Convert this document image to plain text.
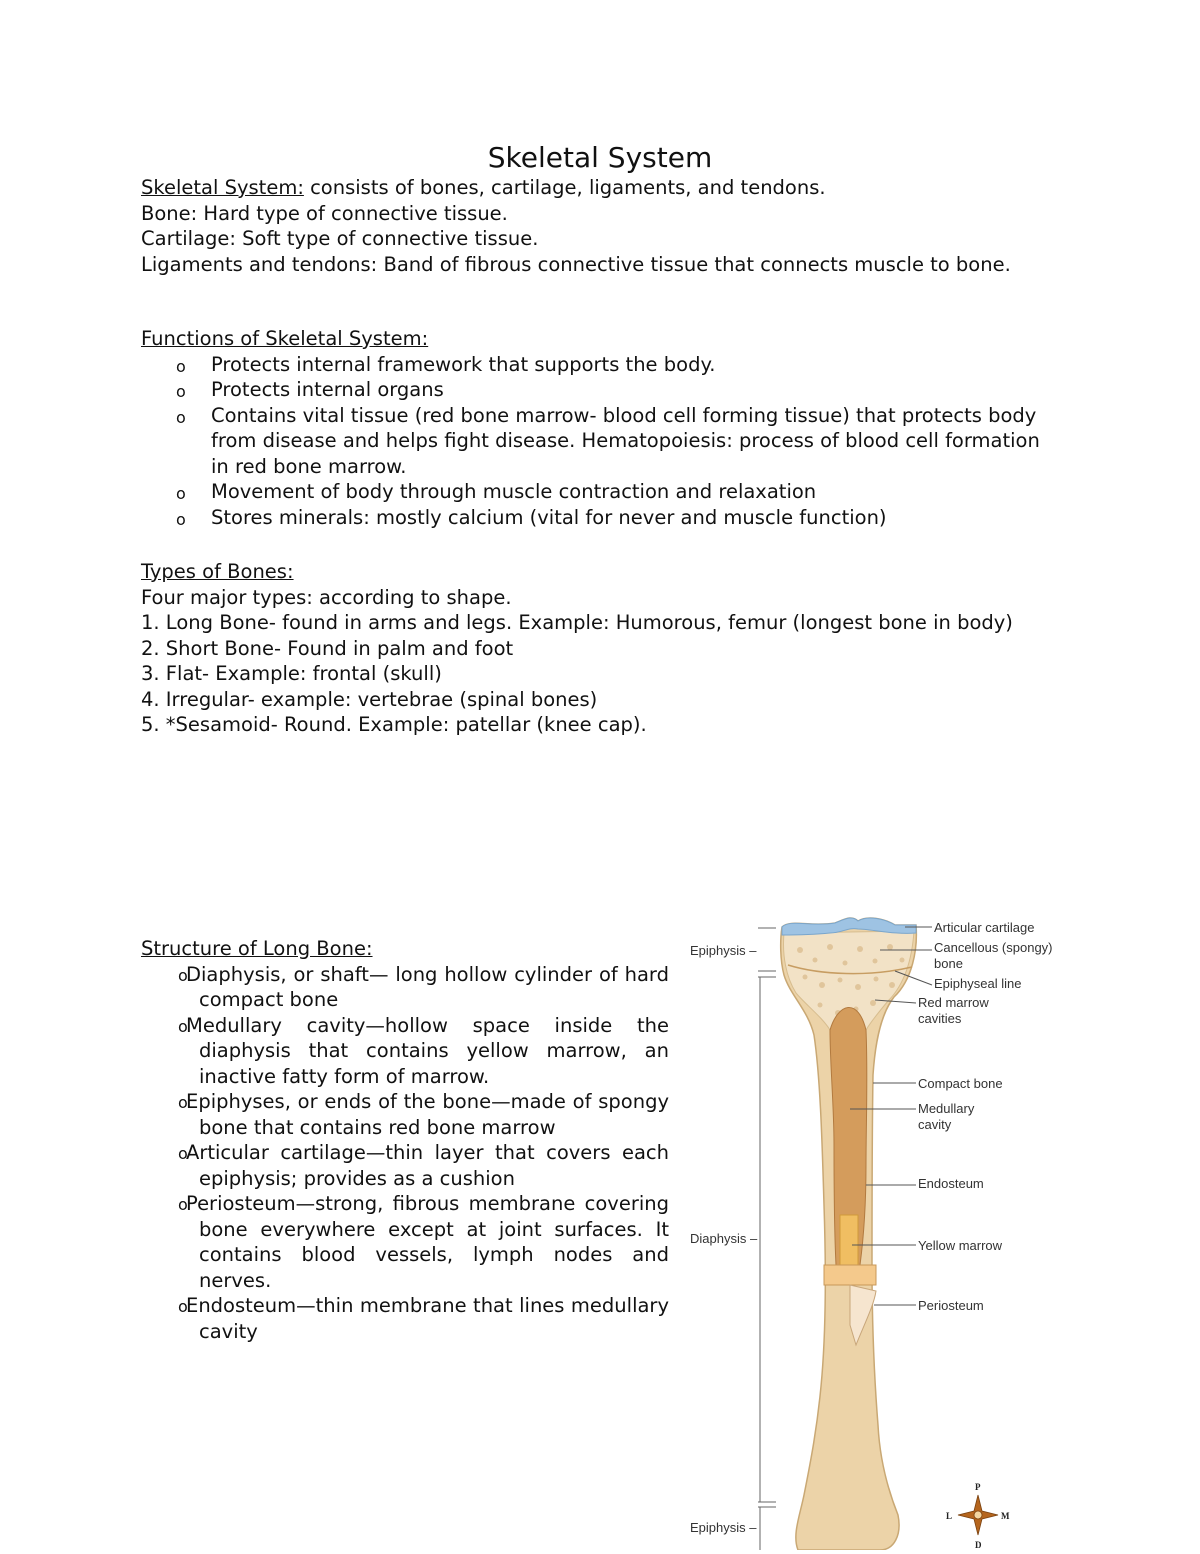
Skeletal System

Skeletal System: consists of bones, cartilage, ligaments, and tendons.

Bone: Hard type of connective tissue.

Cartilage: Soft type of connective tissue.

Ligaments and tendons: Band of fibrous connective tissue that connects muscle to bone.

Functions of Skeletal System:

o Protects internal framework that supports the body.
o Protects internal organs
o Contains vital tissue (red bone marrow- blood cell forming tissue) that protects body from disease and helps fight disease. Hematopoiesis: process of blood cell formation in red bone marrow.
o Movement of body through muscle contraction and relaxation
o Stores minerals: mostly calcium (vital for never and muscle function)

Types of Bones:

Four major types: according to shape.

1. Long Bone- found in arms and legs. Example: Humorous, femur (longest bone in body)

2. Short Bone- Found in palm and foot

3. Flat- Example: frontal (skull)

4. Irregular- example: vertebrae (spinal bones)

5. *Sesamoid- Round. Example: patellar (knee cap).

Structure of Long Bone:

o
Diaphysis, or shaft— long hollow cylinder of hard compact bone
o
Medullary cavity—hollow space inside the diaphysis that contains yellow marrow, an inactive fatty form of marrow.
o
Epiphyses, or ends of the bone—made of spongy bone that contains red bone marrow
o
Articular cartilage—thin layer that covers each epiphysis; provides as a cushion
o
Periosteum—strong, fibrous membrane covering bone everywhere except at joint surfaces. It contains blood vessels, lymph nodes and nerves.
o
Endosteum—thin membrane that lines medullary cavity
P
L	M
D
Epiphysis –
Diaphysis –
Epiphysis –
Articular cartilage
Cancellous (spongy)
bone
Epiphyseal line
Red marrow
cavities
Compact bone
Medullary
cavity
Endosteum
Yellow marrow
Periosteum
